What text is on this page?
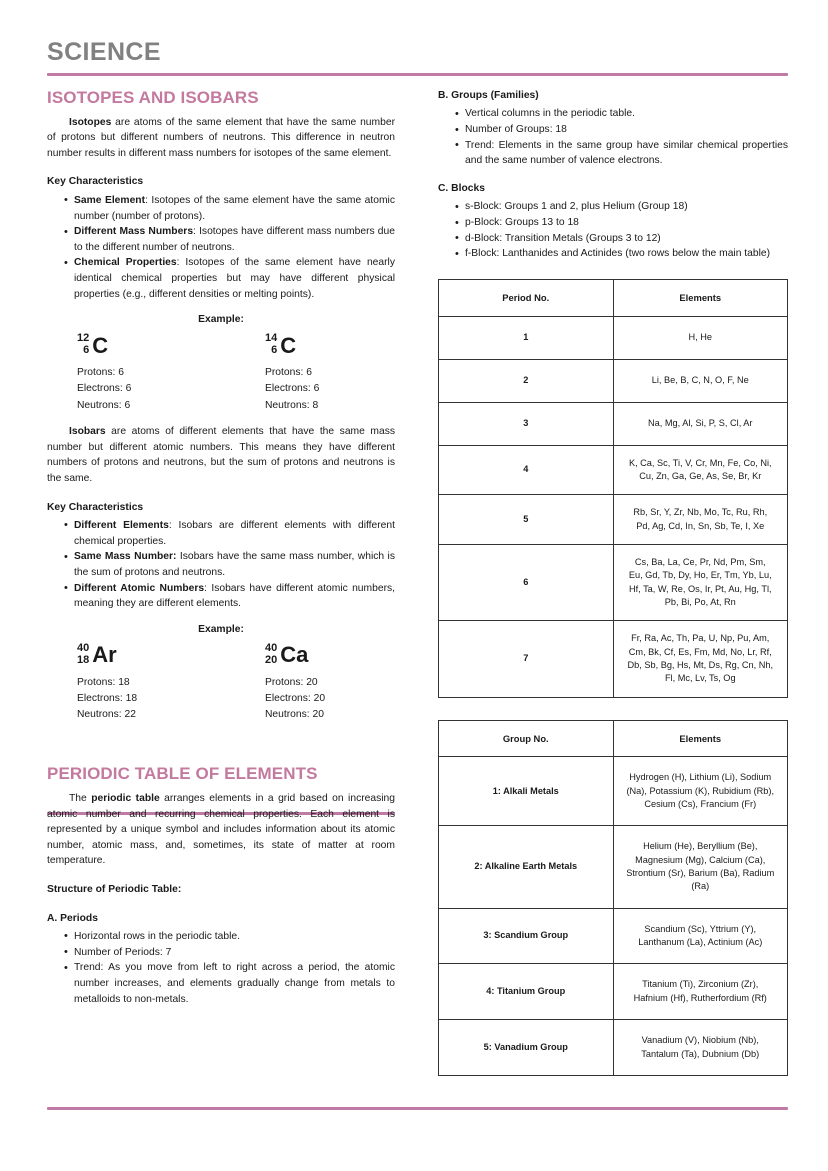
SCIENCE
ISOTOPES AND ISOBARS

Isotopes are atoms of the same element that have the same number of protons but different numbers of neutrons. This difference in neutron number results in different mass numbers for isotopes of the same element.

Key Characteristics
• Same Element: Isotopes of the same element have the same atomic number (number of protons).
• Different Mass Numbers: Isotopes have different mass numbers due to the different number of neutrons.
• Chemical Properties: Isotopes of the same element have nearly identical chemical properties but may have different physical properties (e.g., different densities or melting points).
Example:
12
6 C
Protons: 6
Electrons: 6
Neutrons: 6
14
6 C
Protons: 6
Electrons: 6
Neutrons: 8

Isobars are atoms of different elements that have the same mass number but different atomic numbers. This means they have different numbers of protons and neutrons, but the sum of protons and neutrons is the same.

Key Characteristics
• Different Elements: Isobars are different elements with different chemical properties.
• Same Mass Number: Isobars have the same mass number, which is the sum of protons and neutrons.
• Different Atomic Numbers: Isobars have different atomic numbers, meaning they are different elements.
Example:
40
18 Ar
Protons: 18
Electrons: 18
Neutrons: 22
40
20 Ca
Protons: 20
Electrons: 20
Neutrons: 20
PERIODIC TABLE OF ELEMENTS

The periodic table arranges elements in a grid based on increasing atomic number and recurring chemical properties. Each element is represented by a unique symbol and includes information about its atomic number, atomic mass, and, sometimes, its state of matter at room temperature.

Structure of Periodic Table:
A. Periods
• Horizontal rows in the periodic table.
• Number of Periods: 7
• Trend: As you move from left to right across a period, the atomic number increases, and elements gradually change from metals to metalloids to non-metals.
B. Groups (Families)
• Vertical columns in the periodic table.
• Number of Groups: 18
• Trend: Elements in the same group have similar chemical properties and the same number of valence electrons.
C. Blocks
• s-Block: Groups 1 and 2, plus Helium (Group 18)
• p-Block: Groups 13 to 18
• d-Block: Transition Metals (Groups 3 to 12)
• f-Block: Lanthanides and Actinides (two rows below the main table)
Period No.	Elements
1	H, He
2	Li, Be, B, C, N, O, F, Ne
3	Na, Mg, Al, Si, P, S, Cl, Ar
4	K, Ca, Sc, Ti, V, Cr, Mn, Fe, Co, Ni, Cu, Zn, Ga, Ge, As, Se, Br, Kr
5	Rb, Sr, Y, Zr, Nb, Mo, Tc, Ru, Rh, Pd, Ag, Cd, In, Sn, Sb, Te, I, Xe
6	Cs, Ba, La, Ce, Pr, Nd, Pm, Sm, Eu, Gd, Tb, Dy, Ho, Er, Tm, Yb, Lu, Hf, Ta, W, Re, Os, Ir, Pt, Au, Hg, Tl, Pb, Bi, Po, At, Rn
7	Fr, Ra, Ac, Th, Pa, U, Np, Pu, Am, Cm, Bk, Cf, Es, Fm, Md, No, Lr, Rf, Db, Sb, Bg, Hs, Mt, Ds, Rg, Cn, Nh, Fl, Mc, Lv, Ts, Og
Group No.	Elements
1: Alkali Metals	Hydrogen (H), Lithium (Li), Sodium (Na), Potassium (K), Rubidium (Rb), Cesium (Cs), Francium (Fr)
2: Alkaline Earth Metals	Helium (He), Beryllium (Be), Magnesium (Mg), Calcium (Ca), Strontium (Sr), Barium (Ba), Radium (Ra)
3: Scandium Group	Scandium (Sc), Yttrium (Y), Lanthanum (La), Actinium (Ac)
4: Titanium Group	Titanium (Ti), Zirconium (Zr), Hafnium (Hf), Rutherfordium (Rf)
5: Vanadium Group	Vanadium (V), Niobium (Nb), Tantalum (Ta), Dubnium (Db)
